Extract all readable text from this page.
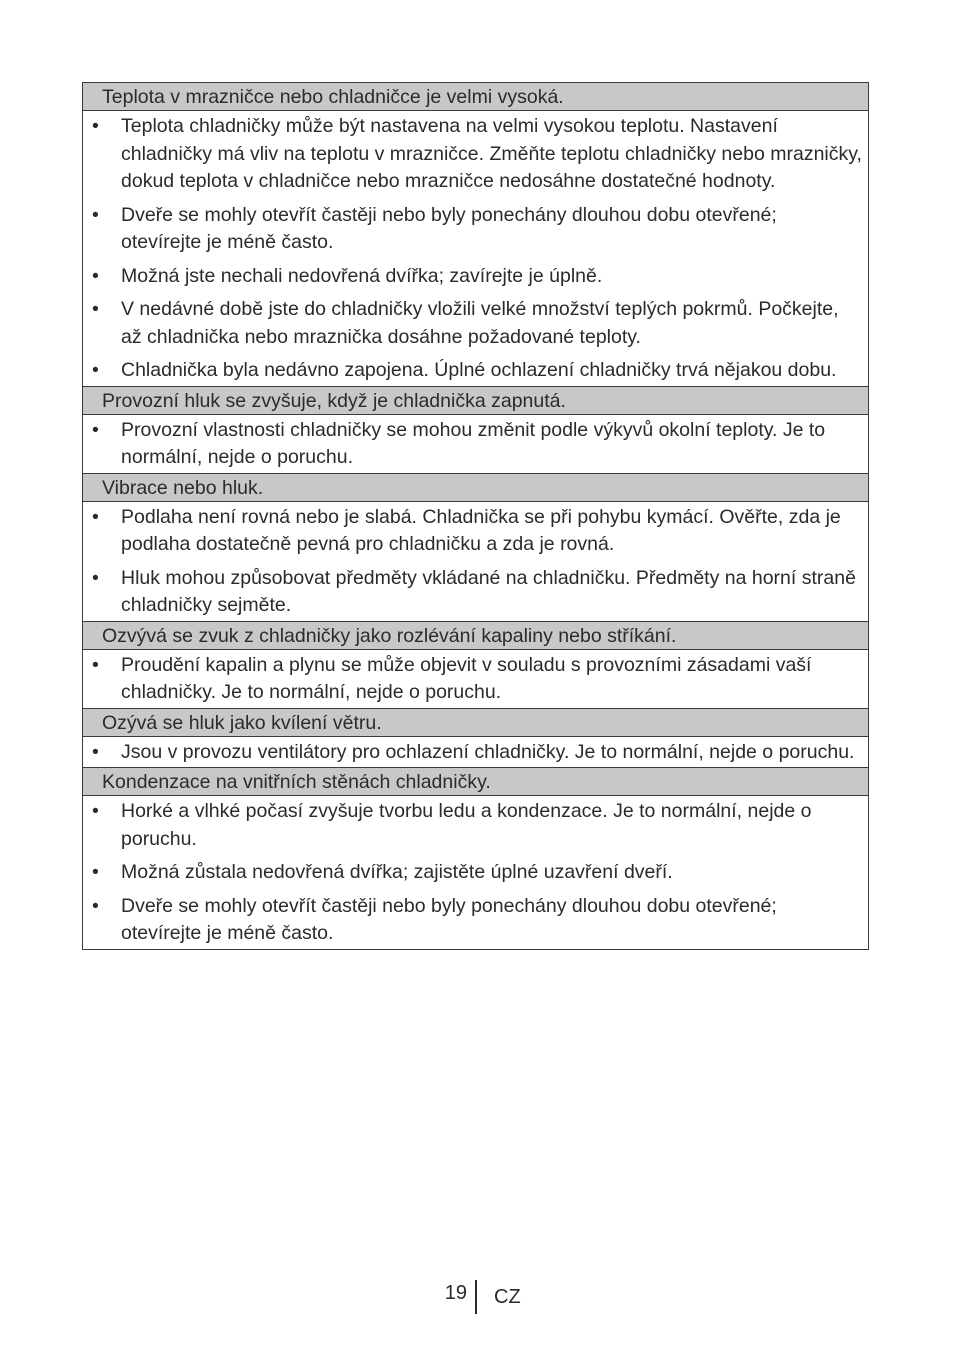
Teplota v mrazničce nebo chladničce je velmi vysoká.
• Teplota chladničky může být nastavena na velmi vysokou teplotu. Nastavení chladničky má vliv na teplotu v mrazničce. Změňte teplotu chladničky nebo mrazničky, dokud teplota v chladničce nebo mrazničce nedosáhne dostatečné hodnoty.
• Dveře se mohly otevřít častěji nebo byly ponechány dlouhou dobu otevřené; otevírejte je méně často.
• Možná jste nechali nedovřená dvířka; zavírejte je úplně.
• V nedávné době jste do chladničky vložili velké množství teplých pokrmů. Počkejte, až chladnička nebo mraznička dosáhne požadované teploty.
• Chladnička byla nedávno zapojena. Úplné ochlazení chladničky trvá nějakou dobu.
Provozní hluk se zvyšuje, když je chladnička zapnutá.
• Provozní vlastnosti chladničky se mohou změnit podle výkyvů okolní teploty. Je to normální, nejde o poruchu.
Vibrace nebo hluk.
• Podlaha není rovná nebo je slabá. Chladnička se při pohybu kymácí. Ověřte, zda je podlaha dostatečně pevná pro chladničku a zda je rovná.
• Hluk mohou způsobovat předměty vkládané na chladničku. Předměty na horní straně chladničky sejměte.
Ozvývá se zvuk z chladničky jako rozlévání kapaliny nebo stříkání.
• Proudění kapalin a plynu se může objevit v souladu s provozními zásadami vaší chladničky. Je to normální, nejde o poruchu.
Ozývá se hluk jako kvílení větru.
• Jsou v provozu ventilátory pro ochlazení chladničky. Je to normální, nejde o poruchu.
Kondenzace na vnitřních stěnách chladničky.
• Horké a vlhké počasí zvyšuje tvorbu ledu a kondenzace. Je to normální, nejde o poruchu.
• Možná zůstala nedovřená dvířka; zajistěte úplné uzavření dveří.
• Dveře se mohly otevřít častěji nebo byly ponechány dlouhou dobu otevřené; otevírejte je méně často.
19 CZ
